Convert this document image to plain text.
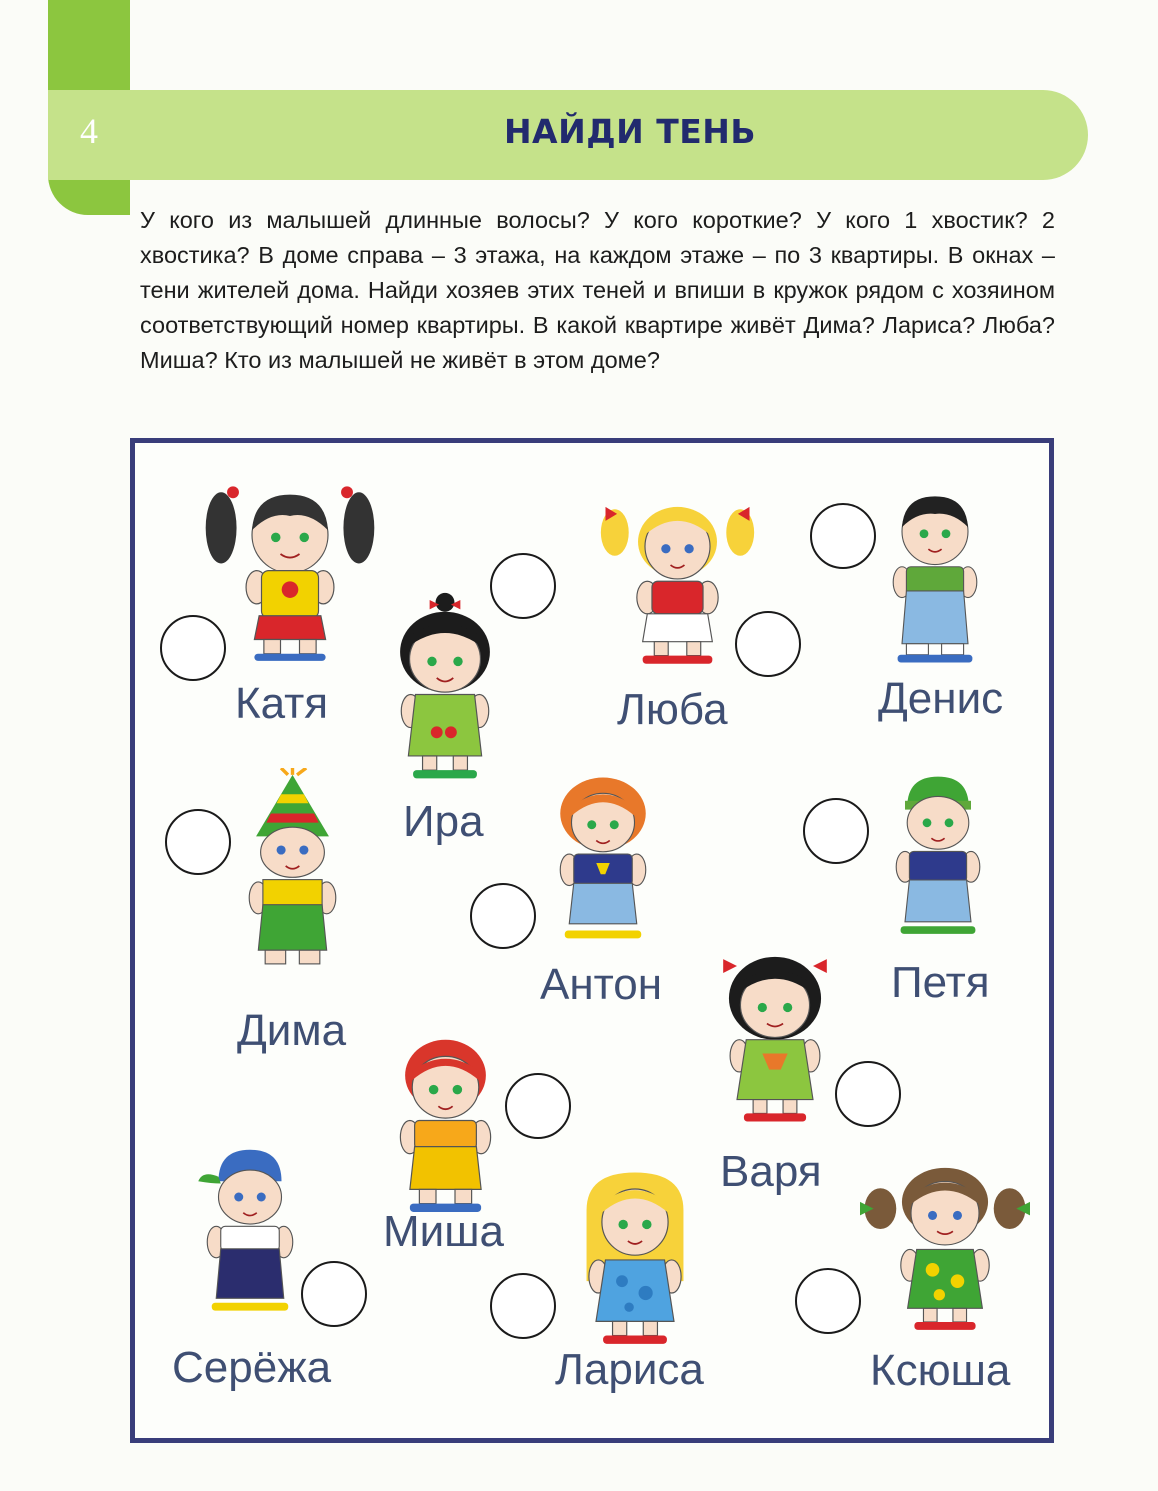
4	НАЙДИ ТЕНЬ

У кого из малышей длинные волосы? У кого короткие? У кого 1 хвостик? 2 хвостика? В доме справа – 3 этажа, на каждом этаже – по 3 квартиры. В окнах – тени жителей дома. Найди хозяев этих теней и впиши в кружок рядом с хозяином соответствующий номер квартиры. В какой квартире живёт Дима? Лариса? Люба? Миша? Кто из малышей не живёт в этом доме?

Катя
Ира
Люба	Денис
Дима
Антон	Петя
Варя
Миша
Серёжа	Лариса	Ксюша
